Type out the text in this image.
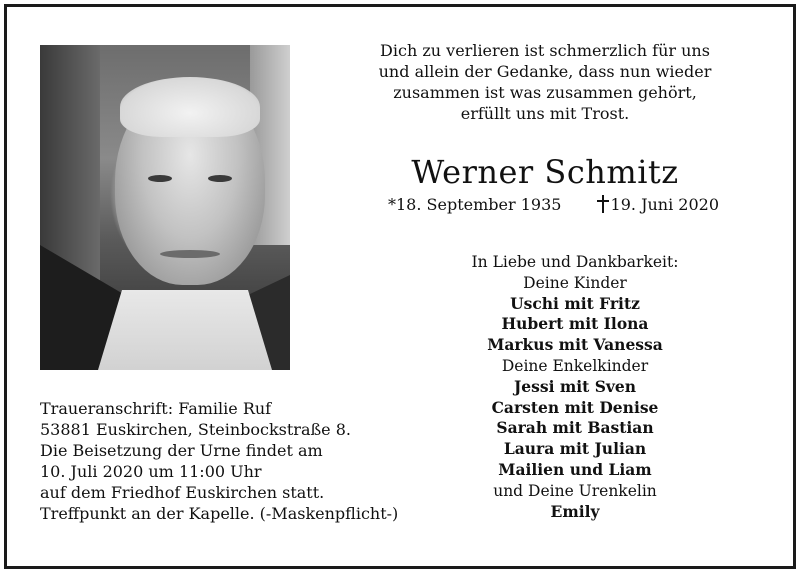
Dich zu verlieren ist schmerzlich für uns
und allein der Gedanke, dass nun wieder
zusammen ist was zusammen gehört,
erfüllt uns mit Trost.
Werner Schmitz
*18. September 1935	19. Juni 2020
In Liebe und Dankbarkeit:
Deine Kinder
Uschi mit Fritz
Hubert mit Ilona
Markus mit Vanessa
Deine Enkelkinder
Jessi mit Sven
Carsten mit Denise
Sarah mit Bastian
Laura mit Julian
Mailien und Liam
und Deine Urenkelin
Emily
Traueranschrift: Familie Ruf
53881 Euskirchen, Steinbockstraße 8.
Die Beisetzung der Urne findet am
10. Juli 2020 um 11:00 Uhr
auf dem Friedhof Euskirchen statt.
Treffpunkt an der Kapelle. (-Maskenpflicht-)
